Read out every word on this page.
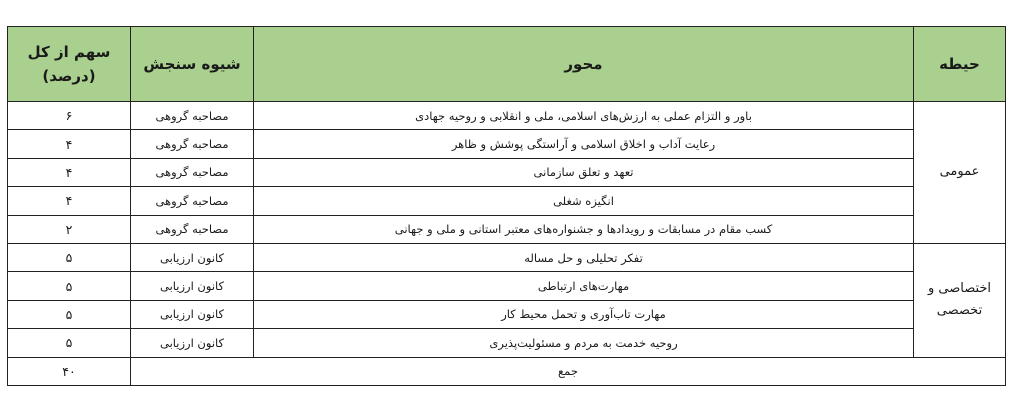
حیطه	محور	شیوه سنجش	سهم از کل
(درصد)

عمومی	باور و التزام عملی به ارزش‌های اسلامی، ملی و انقلابی و روحیه جهادی	مصاحبه گروهی	۶
	رعایت آداب و اخلاق اسلامی و آراستگی پوشش و ظاهر	مصاحبه گروهی	۴
	تعهد و تعلق سازمانی	مصاحبه گروهی	۴
	انگیزه شغلی	مصاحبه گروهی	۴
	کسب مقام در مسابقات و رویدادها و جشنواره‌های معتبر استانی و ملی و جهانی	مصاحبه گروهی	۲
اختصاصی و
تخصصی	تفکر تحلیلی و حل مساله	کانون ارزیابی	۵
	مهارت‌های ارتباطی	کانون ارزیابی	۵
	مهارت تاب‌آوری و تحمل محیط کار	کانون ارزیابی	۵
	روحیه خدمت به مردم و مسئولیت‌پذیری	کانون ارزیابی	۵
جمع			۴۰
